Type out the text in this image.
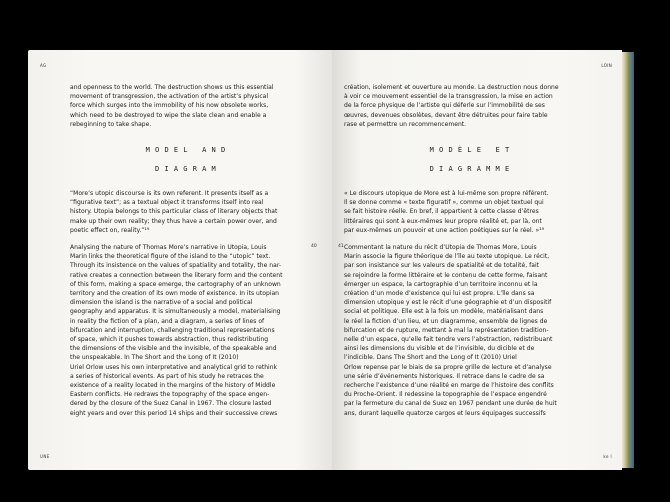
AG
and openness to the world. The destruction shows us this essential
movement of transgression, the activation of the artist’s physical
force which surges into the immobility of his now obsolete works,
which need to be destroyed to wipe the slate clean and enable a
rebeginning to take shape.
MODEL AND
DIAGRAM
“More’s utopic discourse is its own referent. It presents itself as a
“figurative text”; as a textual object it transforms itself into real
history. Utopia belongs to this particular class of literary objects that
make up their own reality; they thus have a certain power over, and
poetic effect on, reality.”¹⁹
Analysing the nature of Thomas More’s narrative in Utopia, Louis
Marin links the theoretical figure of the island to the “utopic” text.
Through its insistence on the values of spatiality and totality, the nar-
rative creates a connection between the literary form and the content
of this form, making a space emerge, the cartography of an unknown
territory and the creation of its own mode of existence. In its utopian
dimension the island is the narrative of a social and political
geography and apparatus. It is simultaneously a model, materialising
in reality the fiction of a plan, and a diagram, a series of lines of
bifurcation and interruption, challenging traditional representations
of space, which it pushes towards abstraction, thus redistributing
the dimensions of the visible and the invisible, of the speakable and
the unspeakable. In The Short and the Long of It (2010)
Uriel Orlow uses his own interpretative and analytical grid to rethink
a series of historical events. As part of his study he retraces the
existence of a reality located in the margins of the history of Middle
Eastern conflicts. He redraws the topography of the space engen-
dered by the closure of the Suez Canal in 1967. The closure lasted
eight years and over this period 14 ships and their successive crews
40
UNE
LOIN
création, isolement et ouverture au monde. La destruction nous donne
à voir ce mouvement essentiel de la transgression, la mise en action
de la force physique de l’artiste qui déferle sur l’immobilité de ses
œuvres, devenues obsolètes, devant être détruites pour faire table
rase et permettre un recommencement.
MODÈLE ET
DIAGRAMME
« Le discours utopique de More est à lui-même son propre référent.
Il se donne comme « texte figuratif », comme un objet textuel qui
se fait histoire réelle. En bref, il appartient à cette classe d’êtres
littéraires qui sont à eux-mêmes leur propre réalité et, par là, ont
par eux-mêmes un pouvoir et une action poétiques sur le réel. »¹⁹
Commentant la nature du récit d’Utopia de Thomas More, Louis
Marin associe la figure théorique de l’île au texte utopique. Le récit,
par son insistance sur les valeurs de spatialité et de totalité, fait
se rejoindre la forme littéraire et le contenu de cette forme, faisant
émerger un espace, la cartographie d’un territoire inconnu et la
création d’un mode d’existence qui lui est propre. L’île dans sa
dimension utopique y est le récit d’une géographie et d’un dispositif
social et politique. Elle est à la fois un modèle, matérialisant dans
le réel la fiction d’un lieu, et un diagramme, ensemble de lignes de
bifurcation et de rupture, mettant à mal la représentation tradition-
nelle d’un espace, qu’elle fait tendre vers l’abstraction, redistribuant
ainsi les dimensions du visible et de l’invisible, du dicible et de
l’indicible. Dans The Short and the Long of It (2010) Uriel
Orlow repense par le biais de sa propre grille de lecture et d’analyse
une série d’événements historiques. Il retrace dans le cadre de sa
recherche l’existence d’une réalité en marge de l’histoire des conflits
du Proche-Orient. Il redessine la topographie de l’espace engendré
par la fermeture du canal de Suez en 1967 pendant une durée de huit
ans, durant laquelle quatorze cargos et leurs équipages successifs
41
ke l
